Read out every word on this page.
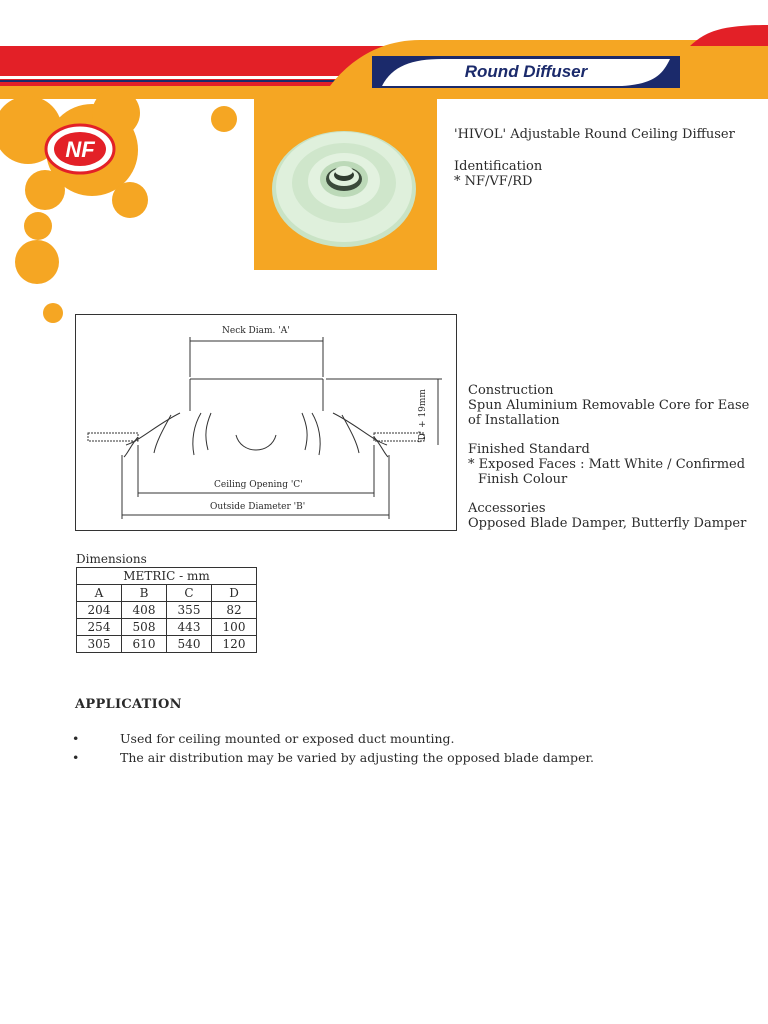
NF
Round Diffuser
'HIVOL' Adjustable Round Ceiling Diffuser
Identification
* NF/VF/RD
Neck Diam. 'A'
Ceiling Opening 'C'
Outside Diameter 'B'
'D' + 19mm	Construction
Spun Aluminium Removable Core for Ease
of Installation
Finished Standard
* Exposed Faces : Matt White / Confirmed
Finish Colour
Accessories
Opposed Blade Damper, Butterfly Damper
Dimensions
METRIC - mm			
A	B	C	D
204	408	355	82
254	508	443	100
305	610	540	120
APPLICATION
•	Used for ceiling mounted or exposed duct mounting.
•	The air distribution may be varied by adjusting the opposed blade damper.
